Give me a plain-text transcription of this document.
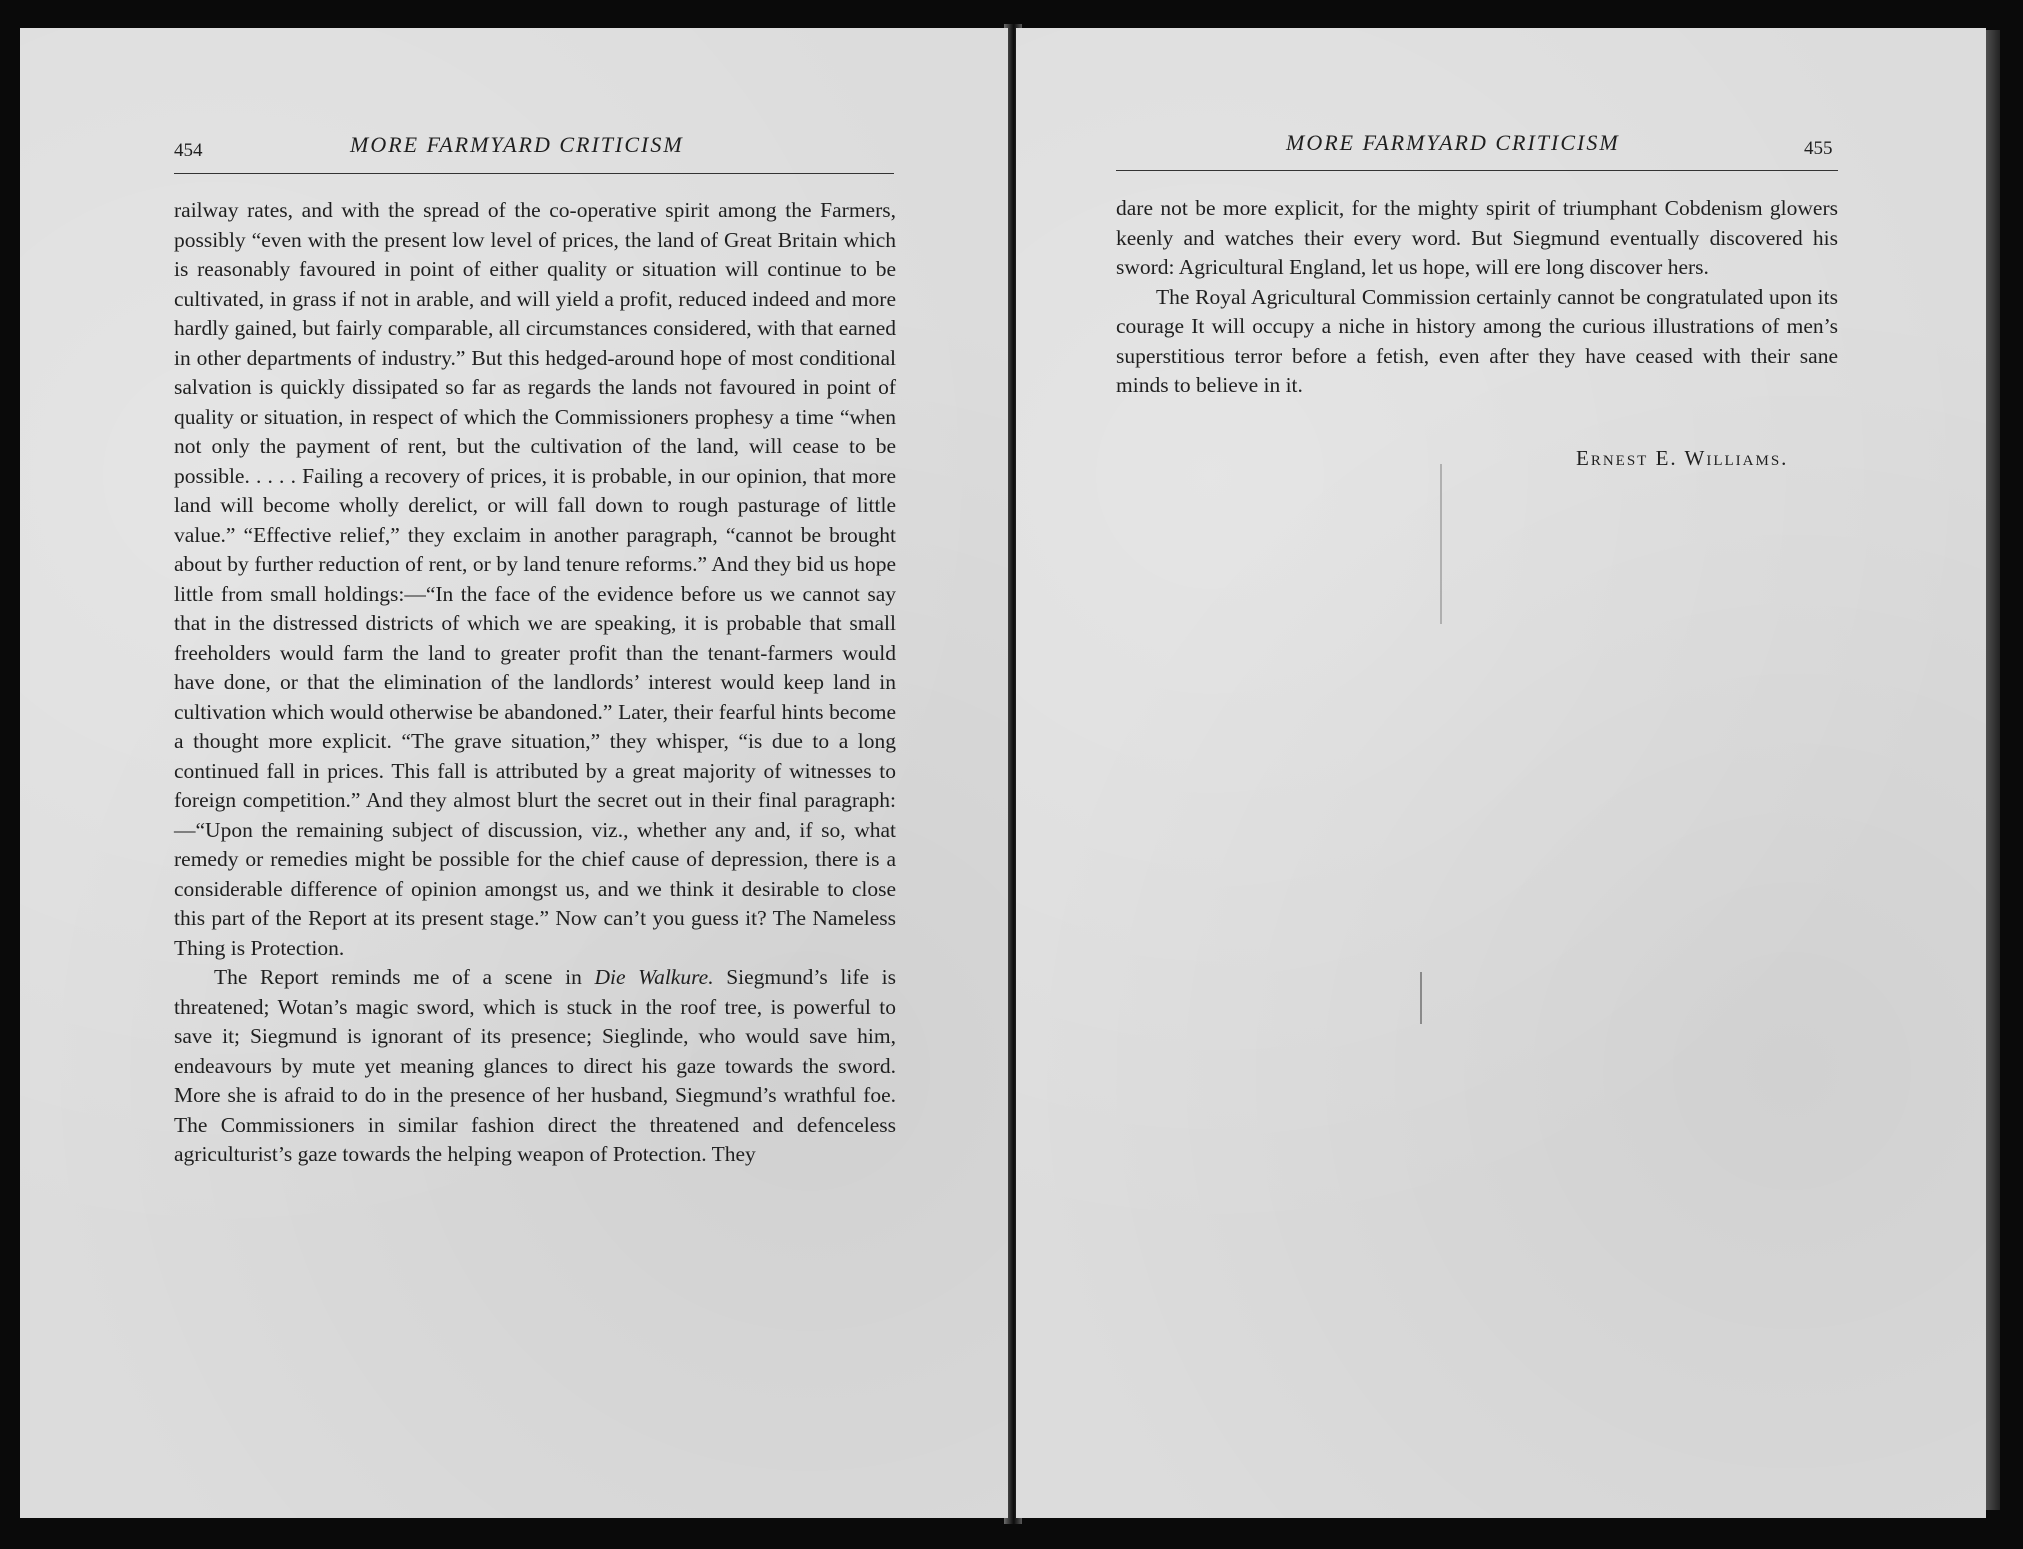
454	MORE FARMYARD CRITICISM

railway rates, and with the spread of the co-operative spirit among the Farmers, possibly “even with the present low level of prices, the land of Great Britain which is reasonably favoured in point of either quality or situation will continue to be cultivated, in grass if not in arable, and will yield a profit, reduced indeed and more hardly gained, but fairly comparable, all circumstances considered, with that earned in other departments of industry.” But this hedged-around hope of most conditional salvation is quickly dissipated so far as regards the lands not favoured in point of quality or situation, in respect of which the Commissioners prophesy a time “when not only the payment of rent, but the cultivation of the land, will cease to be possible. . . . . Failing a recovery of prices, it is probable, in our opinion, that more land will become wholly derelict, or will fall down to rough pasturage of little value.” “Effective relief,” they exclaim in another paragraph, “cannot be brought about by further reduction of rent, or by land tenure reforms.” And they bid us hope little from small holdings:—“In the face of the evidence before us we cannot say that in the distressed districts of which we are speaking, it is probable that small freeholders would farm the land to greater profit than the tenant-farmers would have done, or that the elimination of the landlords’ interest would keep land in cultivation which would otherwise be abandoned.” Later, their fearful hints become a thought more explicit. “The grave situation,” they whisper, “is due to a long continued fall in prices. This fall is attributed by a great majority of witnesses to foreign competition.” And they almost blurt the secret out in their final paragraph:—“Upon the remaining subject of discussion, viz., whether any and, if so, what remedy or remedies might be possible for the chief cause of depression, there is a considerable difference of opinion amongst us, and we think it desirable to close this part of the Report at its present stage.” Now can’t you guess it? The Nameless Thing is Protection.

The Report reminds me of a scene in Die Walkure. Siegmund’s life is threatened; Wotan’s magic sword, which is stuck in the roof tree, is powerful to save it; Siegmund is ignorant of its presence; Sieglinde, who would save him, endeavours by mute yet meaning glances to direct his gaze towards the sword. More she is afraid to do in the presence of her husband, Siegmund’s wrathful foe. The Commissioners in similar fashion direct the threatened and defenceless agriculturist’s gaze towards the helping weapon of Protection. They

MORE FARMYARD CRITICISM	455

dare not be more explicit, for the mighty spirit of triumphant Cobdenism glowers keenly and watches their every word. But Siegmund eventually discovered his sword: Agricultural England, let us hope, will ere long discover hers.

The Royal Agricultural Commission certainly cannot be congratulated upon its courage It will occupy a niche in history among the curious illustrations of men’s superstitious terror before a fetish, even after they have ceased with their sane minds to believe in it.

Ernest E. Williams.
